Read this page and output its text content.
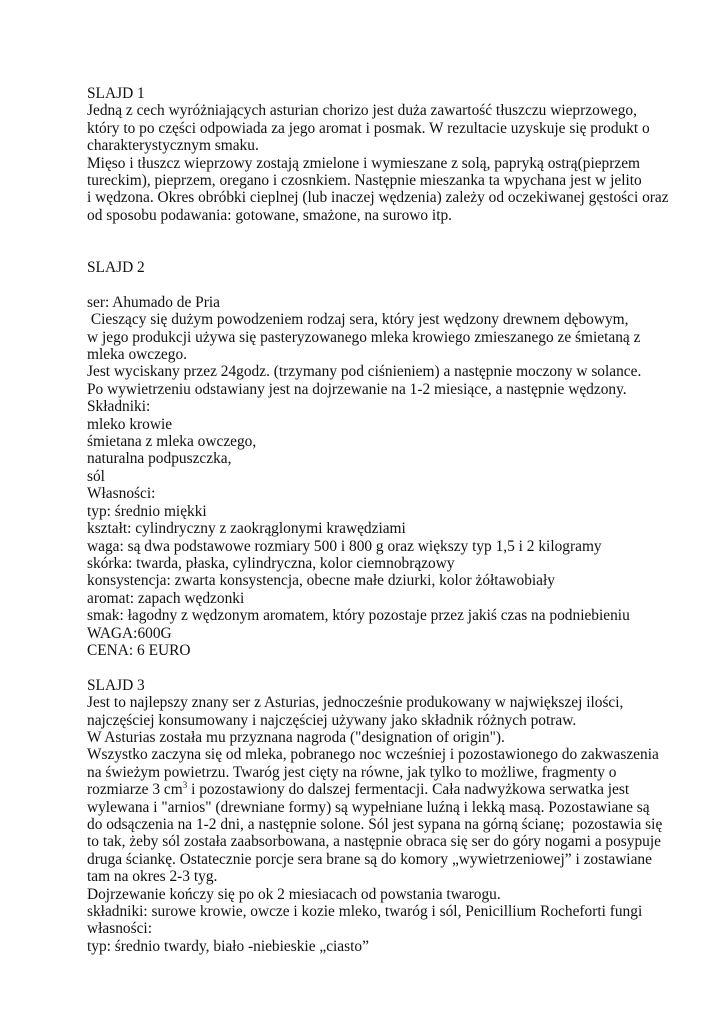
SLAJD 1
Jedną z cech wyróżniających asturian chorizo jest duża zawartość tłuszczu wieprzowego,
który to po części odpowiada za jego aromat i posmak. W rezultacie uzyskuje się produkt o
charakterystycznym smaku.
Mięso i tłuszcz wieprzowy zostają zmielone i wymieszane z solą, papryką ostrą(pieprzem
tureckim), pieprzem, oregano i czosnkiem. Następnie mieszanka ta wpychana jest w jelito
i wędzona. Okres obróbki cieplnej (lub inaczej wędzenia) zależy od oczekiwanej gęstości oraz
od sposobu podawania: gotowane, smażone, na surowo itp.
SLAJD 2
ser: Ahumado de Pria
Cieszący się dużym powodzeniem rodzaj sera, który jest wędzony drewnem dębowym,
w jego produkcji używa się pasteryzowanego mleka krowiego zmieszanego ze śmietaną z
mleka owczego.
Jest wyciskany przez 24godz. (trzymany pod ciśnieniem) a następnie moczony w solance.
Po wywietrzeniu odstawiany jest na dojrzewanie na 1-2 miesiące, a następnie wędzony.
Składniki:
mleko krowie
śmietana z mleka owczego,
naturalna podpuszczka,
sól
Własności:
typ: średnio miękki
kształt: cylindryczny z zaokrąglonymi krawędziami
waga: są dwa podstawowe rozmiary 500 i 800 g oraz większy typ 1,5 i 2 kilogramy
skórka: twarda, płaska, cylindryczna, kolor ciemnobrązowy
konsystencja: zwarta konsystencja, obecne małe dziurki, kolor żółtawobiały
aromat: zapach wędzonki
smak: łagodny z wędzonym aromatem, który pozostaje przez jakiś czas na podniebieniu
WAGA:600G
CENA: 6 EURO
SLAJD 3
Jest to najlepszy znany ser z Asturias, jednocześnie produkowany w największej ilości,
najczęściej konsumowany i najczęściej używany jako składnik różnych potraw.
W Asturias została mu przyznana nagroda ("designation of origin").
Wszystko zaczyna się od mleka, pobranego noc wcześniej i pozostawionego do zakwaszenia
na świeżym powietrzu. Twaróg jest cięty na równe, jak tylko to możliwe, fragmenty o
rozmiarze 3 $cm^3$ i pozostawiony do dalszej fermentacji. Cała nadwyżkowa serwatka jest
wylewana i "arnios" (drewniane formy) są wypełniane luźną i lekką masą. Pozostawiane są
do odsączenia na 1-2 dni, a następnie solone. Sól jest sypana na górną ścianę;  pozostawia się
to tak, żeby sól została zaabsorbowana, a następnie obraca się ser do góry nogami a posypuje
druga ściankę. Ostatecznie porcje sera brane są do komory „wywietrzeniowej” i zostawiane
tam na okres 2-3 tyg.
Dojrzewanie kończy się po ok 2 miesiacach od powstania twarogu.
składniki: surowe krowie, owcze i kozie mleko, twaróg i sól, Penicillium Rocheforti fungi
własności:
typ: średnio twardy, biało -niebieskie „ciasto”
